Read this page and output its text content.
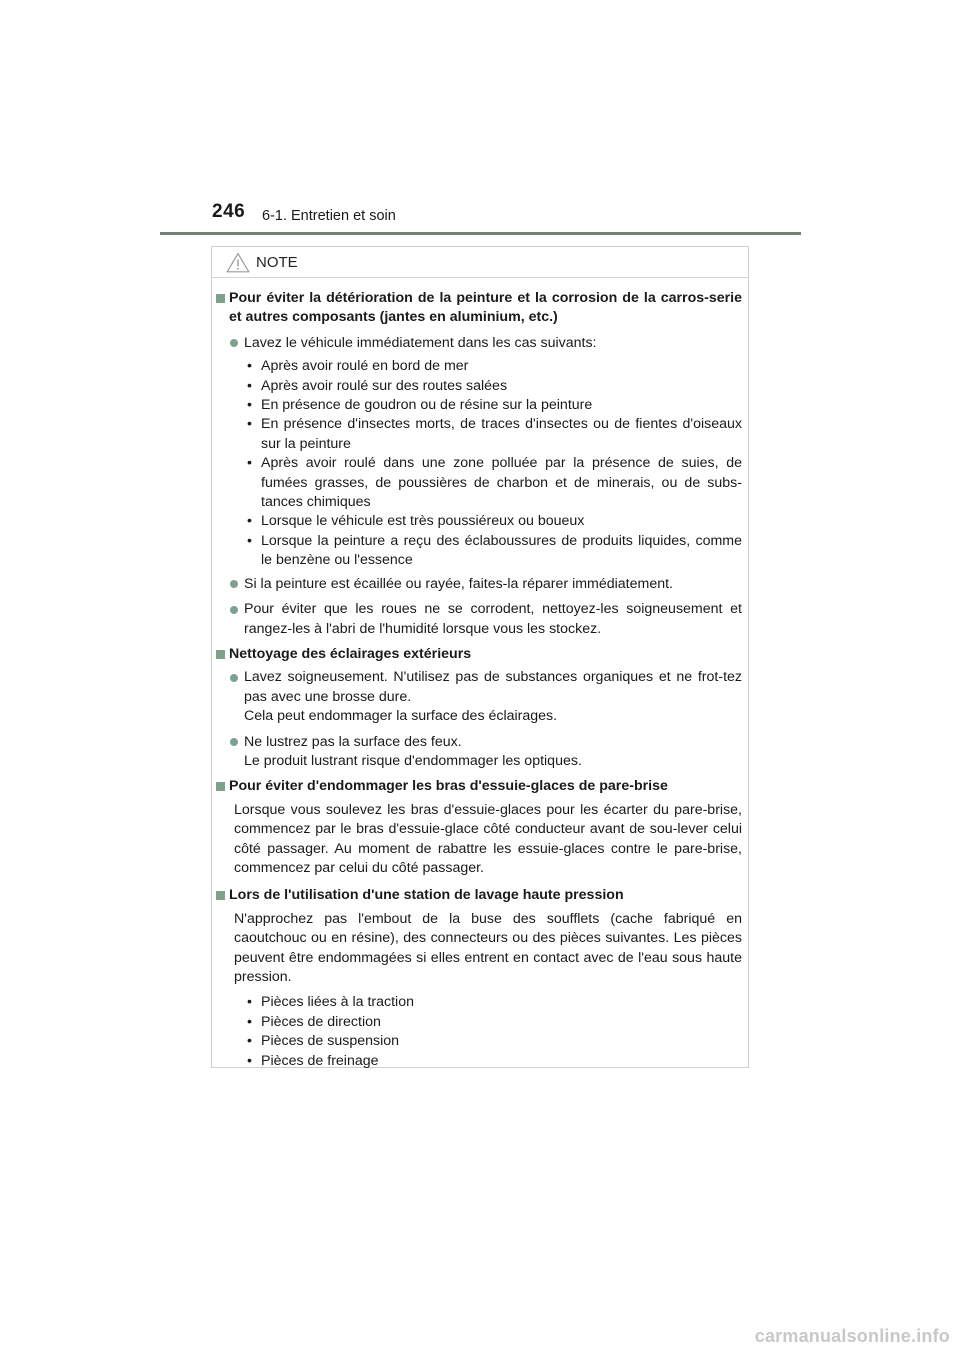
246 6-1. Entretien et soin
NOTE
Pour éviter la détérioration de la peinture et la corrosion de la carros-serie et autres composants (jantes en aluminium, etc.)
Lavez le véhicule immédiatement dans les cas suivants:
• Après avoir roulé en bord de mer
• Après avoir roulé sur des routes salées
• En présence de goudron ou de résine sur la peinture
• En présence d'insectes morts, de traces d'insectes ou de fientes d'oiseaux sur la peinture
• Après avoir roulé dans une zone polluée par la présence de suies, de fumées grasses, de poussières de charbon et de minerais, ou de subs-tances chimiques
• Lorsque le véhicule est très poussiéreux ou boueux
• Lorsque la peinture a reçu des éclaboussures de produits liquides, comme le benzène ou l'essence
Si la peinture est écaillée ou rayée, faites-la réparer immédiatement.
Pour éviter que les roues ne se corrodent, nettoyez-les soigneusement et rangez-les à l'abri de l'humidité lorsque vous les stockez.
Nettoyage des éclairages extérieurs
Lavez soigneusement. N'utilisez pas de substances organiques et ne frot-tez pas avec une brosse dure.
Cela peut endommager la surface des éclairages.
Ne lustrez pas la surface des feux.
Le produit lustrant risque d'endommager les optiques.
Pour éviter d'endommager les bras d'essuie-glaces de pare-brise
Lorsque vous soulevez les bras d'essuie-glaces pour les écarter du pare-brise, commencez par le bras d'essuie-glace côté conducteur avant de sou-lever celui côté passager. Au moment de rabattre les essuie-glaces contre le pare-brise, commencez par celui du côté passager.
Lors de l'utilisation d'une station de lavage haute pression
N'approchez pas l'embout de la buse des soufflets (cache fabriqué en caoutchouc ou en résine), des connecteurs ou des pièces suivantes. Les pièces peuvent être endommagées si elles entrent en contact avec de l'eau sous haute pression.
• Pièces liées à la traction
• Pièces de direction
• Pièces de suspension
• Pièces de freinage
carmanualsonline.info
